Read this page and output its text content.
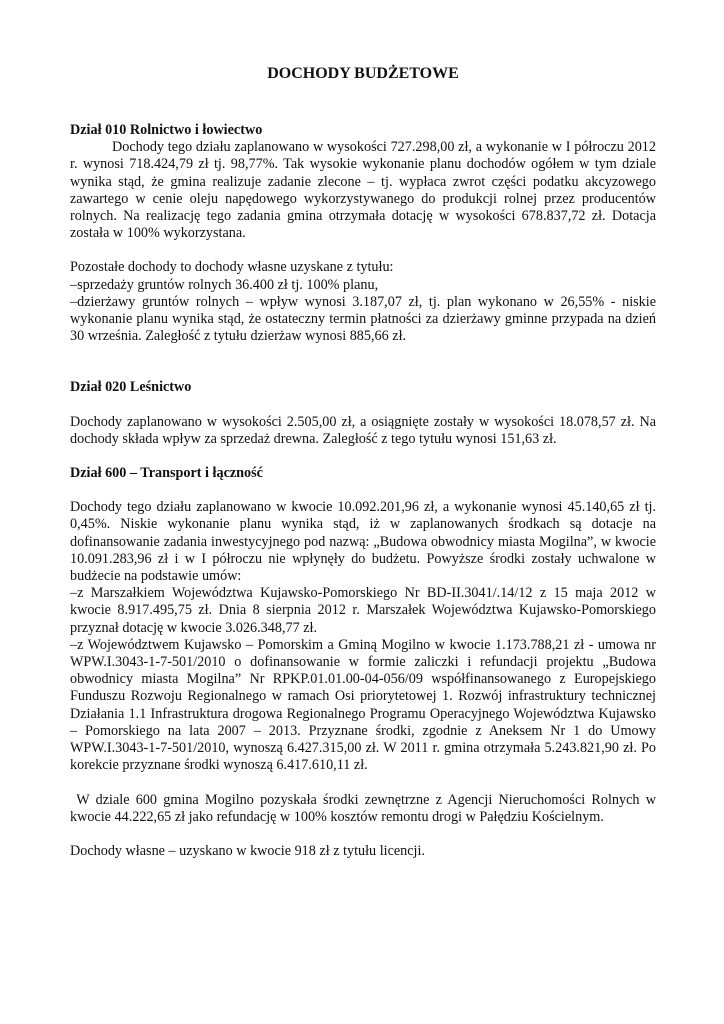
DOCHODY BUDŻETOWE
Dział 010 Rolnictwo i łowiectwo

Dochody tego działu zaplanowano w wysokości 727.298,00 zł, a wykonanie w I półroczu 2012 r. wynosi 718.424,79 zł tj. 98,77%. Tak wysokie wykonanie planu dochodów ogółem w tym dziale wynika stąd, że gmina realizuje zadanie zlecone – tj. wypłaca zwrot części podatku akcyzowego zawartego w cenie oleju napędowego wykorzystywanego do produkcji rolnej przez producentów rolnych. Na realizację tego zadania gmina otrzymała dotację w wysokości 678.837,72 zł. Dotacja została w 100% wykorzystana.

Pozostałe dochody to dochody własne uzyskane z tytułu:

–sprzedaży gruntów rolnych 36.400 zł tj. 100% planu,

–dzierżawy gruntów rolnych – wpływ wynosi 3.187,07 zł, tj. plan wykonano w 26,55% - niskie wykonanie planu wynika stąd, że ostateczny termin płatności za dzierżawy gminne przypada na dzień 30 września. Zaległość z tytułu dzierżaw wynosi 885,66 zł.

Dział 020 Leśnictwo

Dochody zaplanowano w wysokości 2.505,00 zł, a osiągnięte zostały w wysokości 18.078,57 zł. Na dochody składa wpływ za sprzedaż drewna. Zaległość z tego tytułu wynosi 151,63 zł.

Dział 600 – Transport i łączność

Dochody tego działu zaplanowano w kwocie 10.092.201,96 zł, a wykonanie wynosi 45.140,65 zł tj. 0,45%. Niskie wykonanie planu wynika stąd, iż w zaplanowanych środkach są dotacje na dofinansowanie zadania inwestycyjnego pod nazwą: „Budowa obwodnicy miasta Mogilna”, w kwocie 10.091.283,96 zł i w I półroczu nie wpłynęły do budżetu. Powyższe środki zostały uchwalone w budżecie na podstawie umów:

–z Marszałkiem Województwa Kujawsko-Pomorskiego Nr BD-II.3041/.14/12 z 15 maja 2012 w kwocie 8.917.495,75 zł. Dnia 8 sierpnia 2012 r. Marszałek Województwa Kujawsko-Pomorskiego przyznał dotację w kwocie 3.026.348,77 zł.

–z Województwem Kujawsko – Pomorskim a Gminą Mogilno w kwocie 1.173.788,21 zł - umowa nr WPW.I.3043-1-7-501/2010 o dofinansowanie w formie zaliczki i refundacji projektu „Budowa obwodnicy miasta Mogilna” Nr RPKP.01.01.00-04-056/09 współfinansowanego z Europejskiego Funduszu Rozwoju Regionalnego w ramach Osi priorytetowej 1. Rozwój infrastruktury technicznej Działania 1.1 Infrastruktura drogowa Regionalnego Programu Operacyjnego Województwa Kujawsko – Pomorskiego na lata 2007 – 2013. Przyznane środki, zgodnie z Aneksem Nr 1 do Umowy WPW.I.3043-1-7-501/2010, wynoszą 6.427.315,00 zł. W 2011 r. gmina otrzymała 5.243.821,90 zł. Po korekcie przyznane środki wynoszą 6.417.610,11 zł.

W dziale 600 gmina Mogilno pozyskała środki zewnętrzne z Agencji Nieruchomości Rolnych w kwocie 44.222,65 zł jako refundację w 100% kosztów remontu drogi w Pałędziu Kościelnym.

Dochody własne – uzyskano w kwocie 918 zł z tytułu licencji.
